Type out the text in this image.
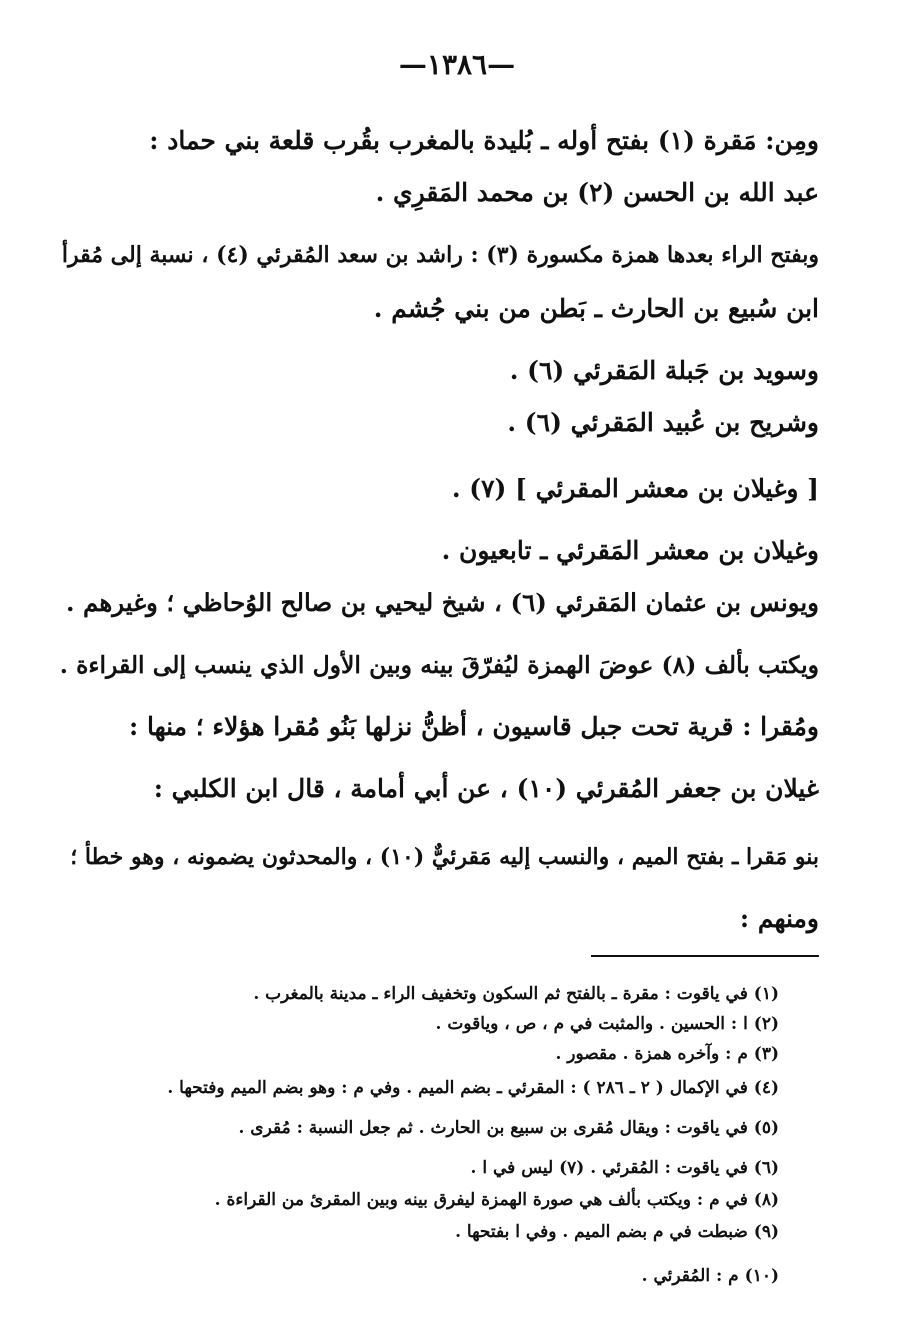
—١٣٨٦—
ومِن: مَقرة (١) بفتح أوله ـ بُليدة بالمغرب بقُرب قلعة بني حماد :
عبد الله بن الحسن (٢) بن محمد المَقرِي .
وبفتح الراء بعدها همزة مكسورة (٣) : راشد بن سعد المُقرئي (٤) ، نسبة إلى مُقرأ
ابن سُبيع بن الحارث ـ بَطن من بني جُشم .
وسويد بن جَبلة المَقرئي (٦) .
وشريح بن عُبيد المَقرئي (٦) .
[ وغيلان بن معشر المقرئي ] (٧) .
وغيلان بن معشر المَقرئي ـ تابعيون .
ويونس بن عثمان المَقرئي (٦) ، شيخ ليحيي بن صالح الوُحاظي ؛ وغيرهم .
ويكتب بألف (٨) عوضَ الهمزة ليُفرّقَ بينه وبين الأول الذي ينسب إلى القراءة .
ومُقرا : قرية تحت جبل قاسيون ، أظنُّ نزلها بَنُو مُقرا هؤلاء ؛ منها :
غيلان بن جعفر المُقرئي (١٠) ، عن أبي أمامة ، قال ابن الكلبي :
بنو مَقرا ـ بفتح الميم ، والنسب إليه مَقرئيٌّ (١٠) ، والمحدثون يضمونه ، وهو خطأ ؛
ومنهم :
(١) في ياقوت : مقرة ـ بالفتح ثم السكون وتخفيف الراء ـ مدينة بالمغرب .
(٢) ا : الحسين . والمثبت في م ، ص ، وياقوت .
(٣) م : وآخره همزة . مقصور .
(٤) في الإكمال ( ٢ ـ ٢٨٦ ) : المقرئي ـ بضم الميم . وفي م : وهو بضم الميم وفتحها .
(٥) في ياقوت : ويقال مُقرى بن سبيع بن الحارث . ثم جعل النسبة : مُقرى .
(٦) في ياقوت : المُقرئي . (٧) ليس في ا .
(٨) في م : ويكتب بألف هي صورة الهمزة ليفرق بينه وبين المقرئ من القراءة .
(٩) ضبطت في م بضم الميم . وفي ا بفتحها .
(١٠) م : المُقرئي .
